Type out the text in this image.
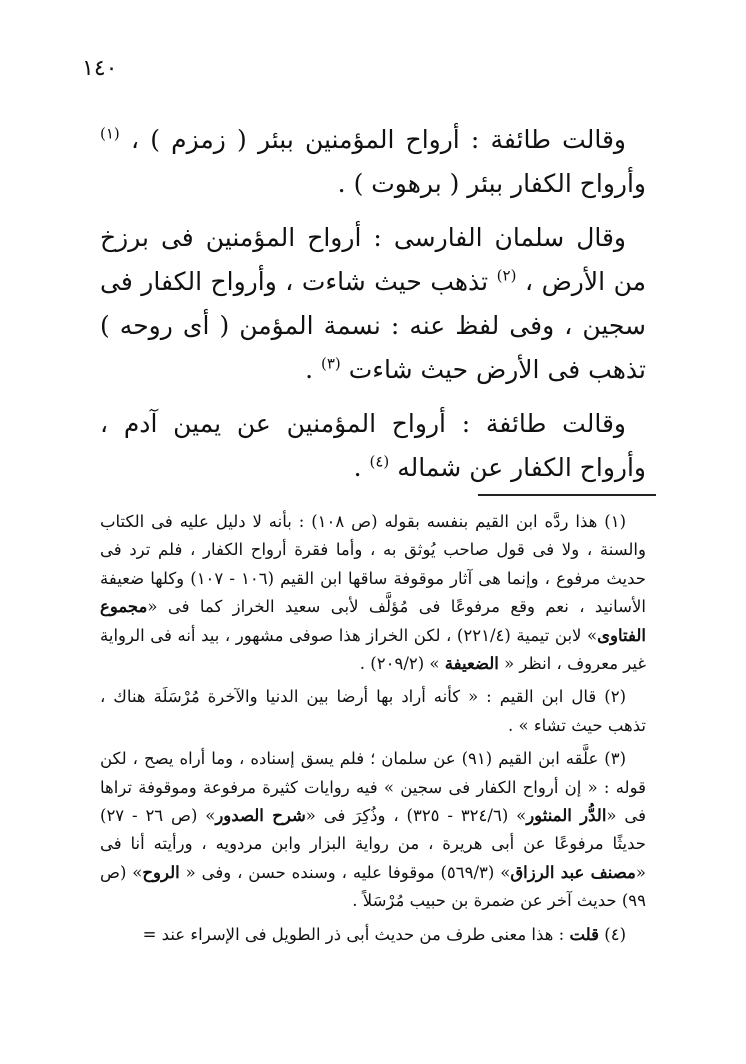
١٤٠

وقالت طائفة : أرواح المؤمنين ببئر ( زمزم ) ، $^{(١)}$ وأرواح الكفار ببئر ( برهوت ) .

وقال سلمان الفارسى : أرواح المؤمنين فى برزخ من الأرض ، $^{(٢)}$ تذهب حيث شاءت ، وأرواح الكفار فى سجين ، وفى لفظ عنه : نسمة المؤمن ( أى روحه ) تذهب فى الأرض حيث شاءت $^{(٣)}$ .

وقالت طائفة : أرواح المؤمنين عن يمين آدم ، وأرواح الكفار عن شماله $^{(٤)}$ .

(١) هذا ردَّه ابن القيم بنفسه بقوله (ص ١٠٨) : بأنه لا دليل عليه فى الكتاب والسنة ، ولا فى قول صاحب يُوثق به ، وأما فقرة أرواح الكفار ، فلم ترد فى حديث مرفوع ، وإنما هى آثار موقوفة ساقها ابن القيم (١٠٦ - ١٠٧) وكلها ضعيفة الأسانيد ، نعم وقع مرفوعًا فى مُؤلَّف لأبى سعيد الخراز كما فى «مجموع الفتاوى» لابن تيمية (٢٢١/٤) ، لكن الخراز هذا صوفى مشهور ، بيد أنه فى الرواية غير معروف ، انظر « الضعيفة » (٢٠٩/٢) .

(٢) قال ابن القيم : « كأنه أراد بها أرضا بين الدنيا والآخرة مُرْسَلَة هناك ، تذهب حيث تشاء » .

(٣) علَّقه ابن القيم (٩١) عن سلمان ؛ فلم يسق إسناده ، وما أراه يصح ، لكن قوله : « إن أرواح الكفار فى سجين » فيه روايات كثيرة مرفوعة وموقوفة تراها فى «الدُّر المنثور» (٣٢٤/٦ - ٣٢٥) ، وذُكِرَ فى «شرح الصدور» (ص ٢٦ - ٢٧) حديثًا مرفوعًا عن أبى هريرة ، من رواية البزار وابن مردويه ، ورأيته أنا فى «مصنف عبد الرزاق» (٥٦٩/٣) موقوفا عليه ، وسنده حسن ، وفى « الروح» (ص ٩٩) حديث آخر عن ضمرة بن حبيب مُرْسَلاً .

(٤) قلت : هذا معنى طرف من حديث أبى ذر الطويل فى الإسراء عند =
